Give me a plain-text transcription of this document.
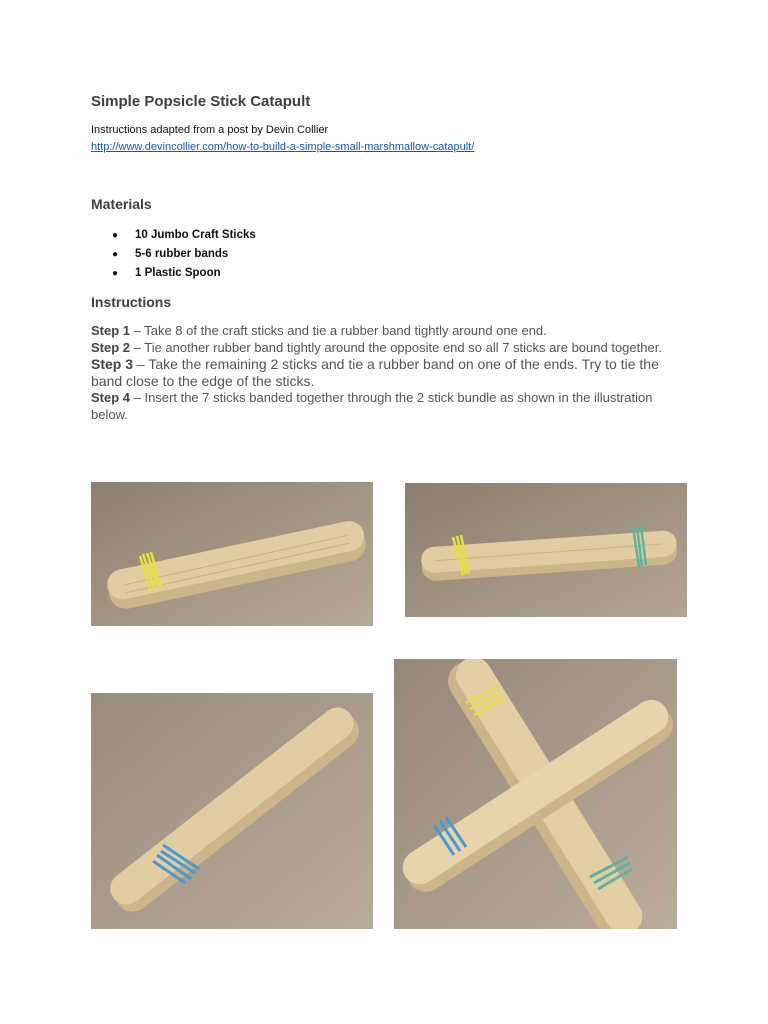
Simple Popsicle Stick Catapult
Instructions adapted from a post by Devin Collier
http://www.devincollier.com/how-to-build-a-simple-small-marshmallow-catapult/
Materials
● 10 Jumbo Craft Sticks
● 5-6 rubber bands
● 1 Plastic Spoon
Instructions

Step 1 – Take 8 of the craft sticks and tie a rubber band tightly around one end.

Step 2 – Tie another rubber band tightly around the opposite end so all 7 sticks are bound together.

Step 3 – Take the remaining 2 sticks and tie a rubber band on one of the ends. Try to tie the band close to the edge of the sticks.

Step 4 – Insert the 7 sticks banded together through the 2 stick bundle as shown in the illustration below.
